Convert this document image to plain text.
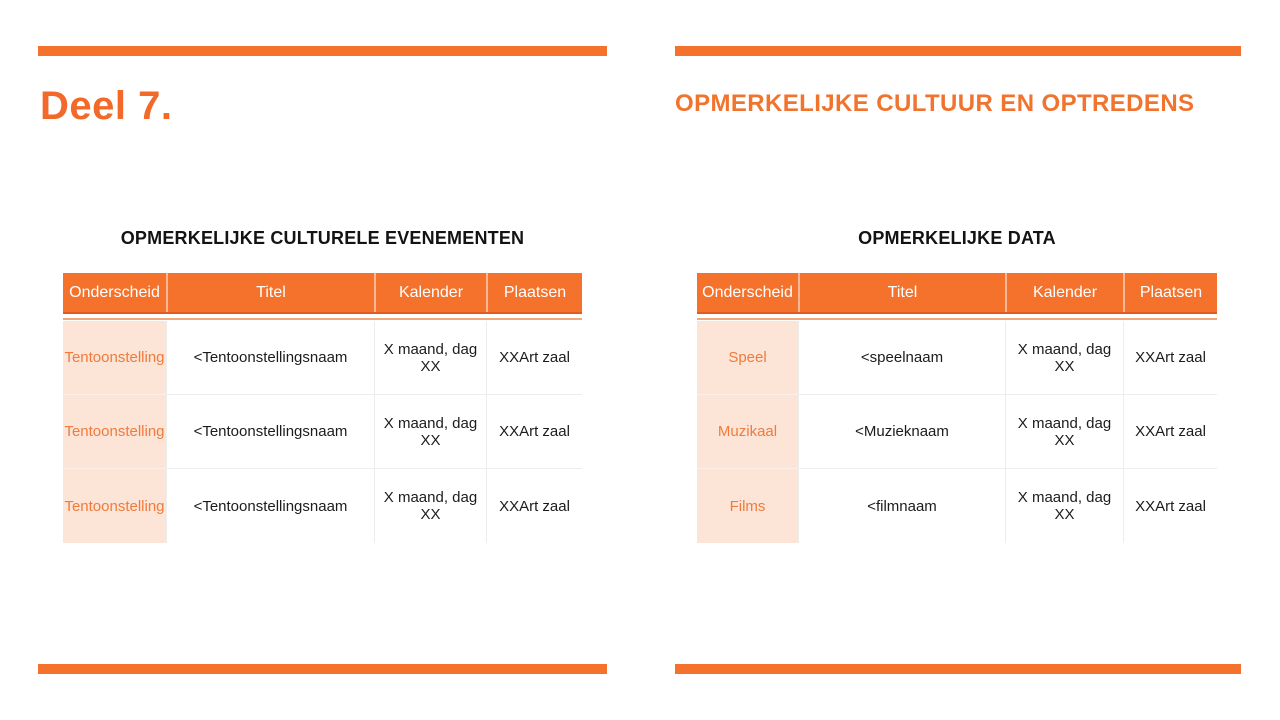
Deel 7.
OPMERKELIJKE CULTURELE EVENEMENTEN
Onderscheid	Titel	Kalender	Plaatsen
Tentoonstelling	<Tentoonstellingsnaam	X maand, dag XX	XXArt zaal
Tentoonstelling	<Tentoonstellingsnaam	X maand, dag XX	XXArt zaal
Tentoonstelling	<Tentoonstellingsnaam	X maand, dag XX	XXArt zaal
OPMERKELIJKE CULTUUR EN OPTREDENS
OPMERKELIJKE DATA
Onderscheid	Titel	Kalender	Plaatsen
Speel	<speelnaam	X maand, dag XX	XXArt zaal
Muzikaal	<Muzieknaam	X maand, dag XX	XXArt zaal
Films	<filmnaam	X maand, dag XX	XXArt zaal
